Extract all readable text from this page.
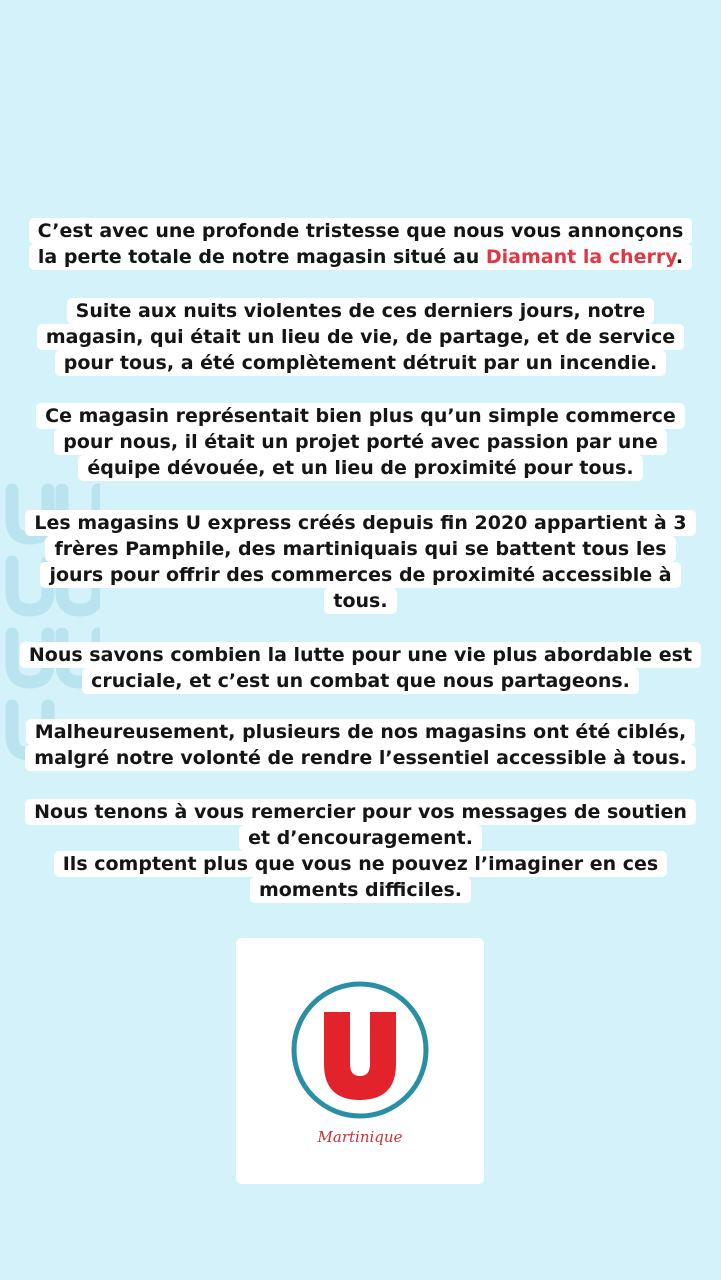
C’est avec une profonde tristesse que nous vous annonçons
la perte totale de notre magasin situé au Diamant la cherry.
Suite aux nuits violentes de ces derniers jours, notre
magasin, qui était un lieu de vie, de partage, et de service
pour tous, a été complètement détruit par un incendie.
Ce magasin représentait bien plus qu’un simple commerce
pour nous, il était un projet porté avec passion par une
équipe dévouée, et un lieu de proximité pour tous.
Les magasins U express créés depuis fin 2020 appartient à 3
frères Pamphile, des martiniquais qui se battent tous les
jours pour offrir des commerces de proximité accessible à
tous.
Nous savons combien la lutte pour une vie plus abordable est
cruciale, et c’est un combat que nous partageons.
Malheureusement, plusieurs de nos magasins ont été ciblés,
malgré notre volonté de rendre l’essentiel accessible à tous.
Nous tenons à vous remercier pour vos messages de soutien
et d’encouragement.
Ils comptent plus que vous ne pouvez l’imaginer en ces
moments difficiles.
Martinique
